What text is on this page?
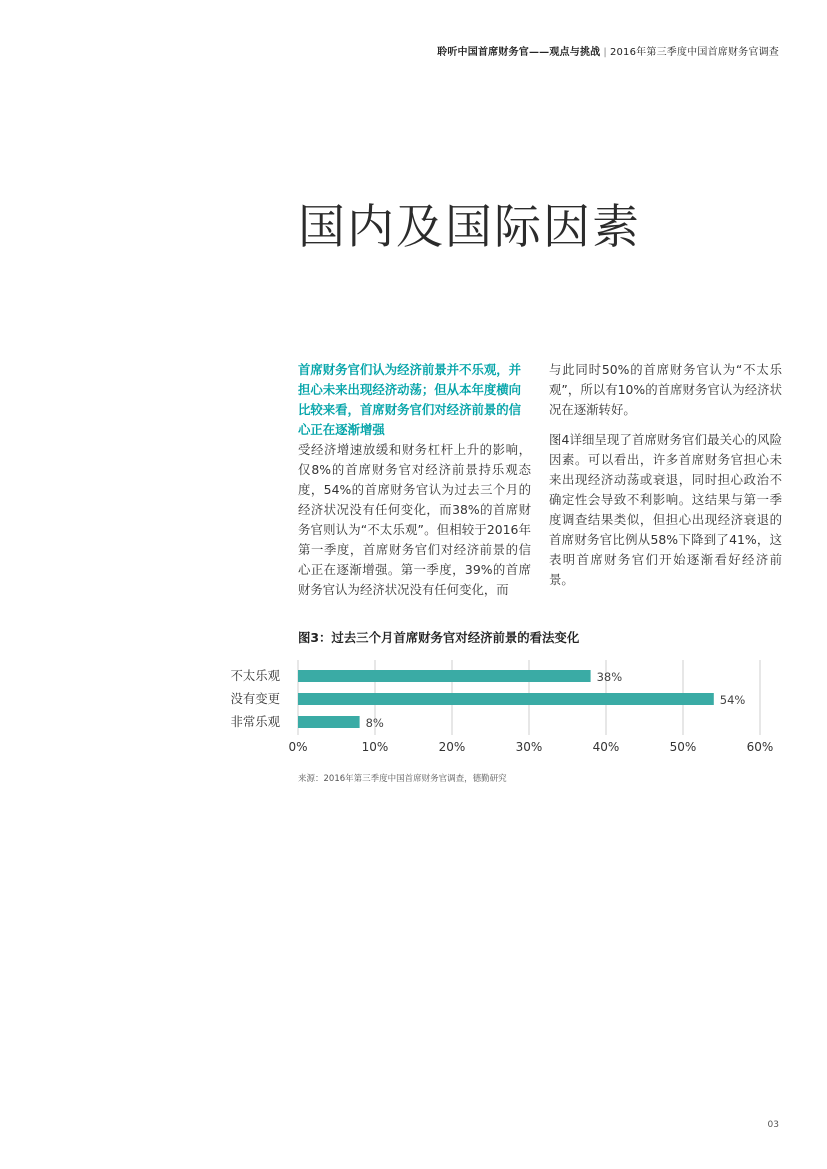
聆听中国首席财务官——观点与挑战 | 2016年第三季度中国首席财务官调查
国内及国际因素

首席财务官们认为经济前景并不乐观，并担心未来出现经济动荡；但从本年度横向比较来看，首席财务官们对经济前景的信心正在逐渐增强

受经济增速放缓和财务杠杆上升的影响，仅8%的首席财务官对经济前景持乐观态度，54%的首席财务官认为过去三个月的经济状况没有任何变化，而38%的首席财务官则认为“不太乐观”。但相较于2016年第一季度，首席财务官们对经济前景的信心正在逐渐增强。第一季度，39%的首席财务官认为经济状况没有任何变化，而

与此同时50%的首席财务官认为“不太乐观”，所以有10%的首席财务官认为经济状况在逐渐转好。

图4详细呈现了首席财务官们最关心的风险因素。可以看出，许多首席财务官担心未来出现经济动荡或衰退，同时担心政治不确定性会导致不利影响。这结果与第一季度调查结果类似，但担心出现经济衰退的首席财务官比例从58%下降到了41%，这表明首席财务官们开始逐渐看好经济前景。

图3：过去三个月首席财务官对经济前景的看法变化

0%	10%	20%	30%	40%	50%	60%
不太乐观	38%
没有变更	54%
非常乐观	8%
来源：2016年第三季度中国首席财务官调查，德勤研究
03
